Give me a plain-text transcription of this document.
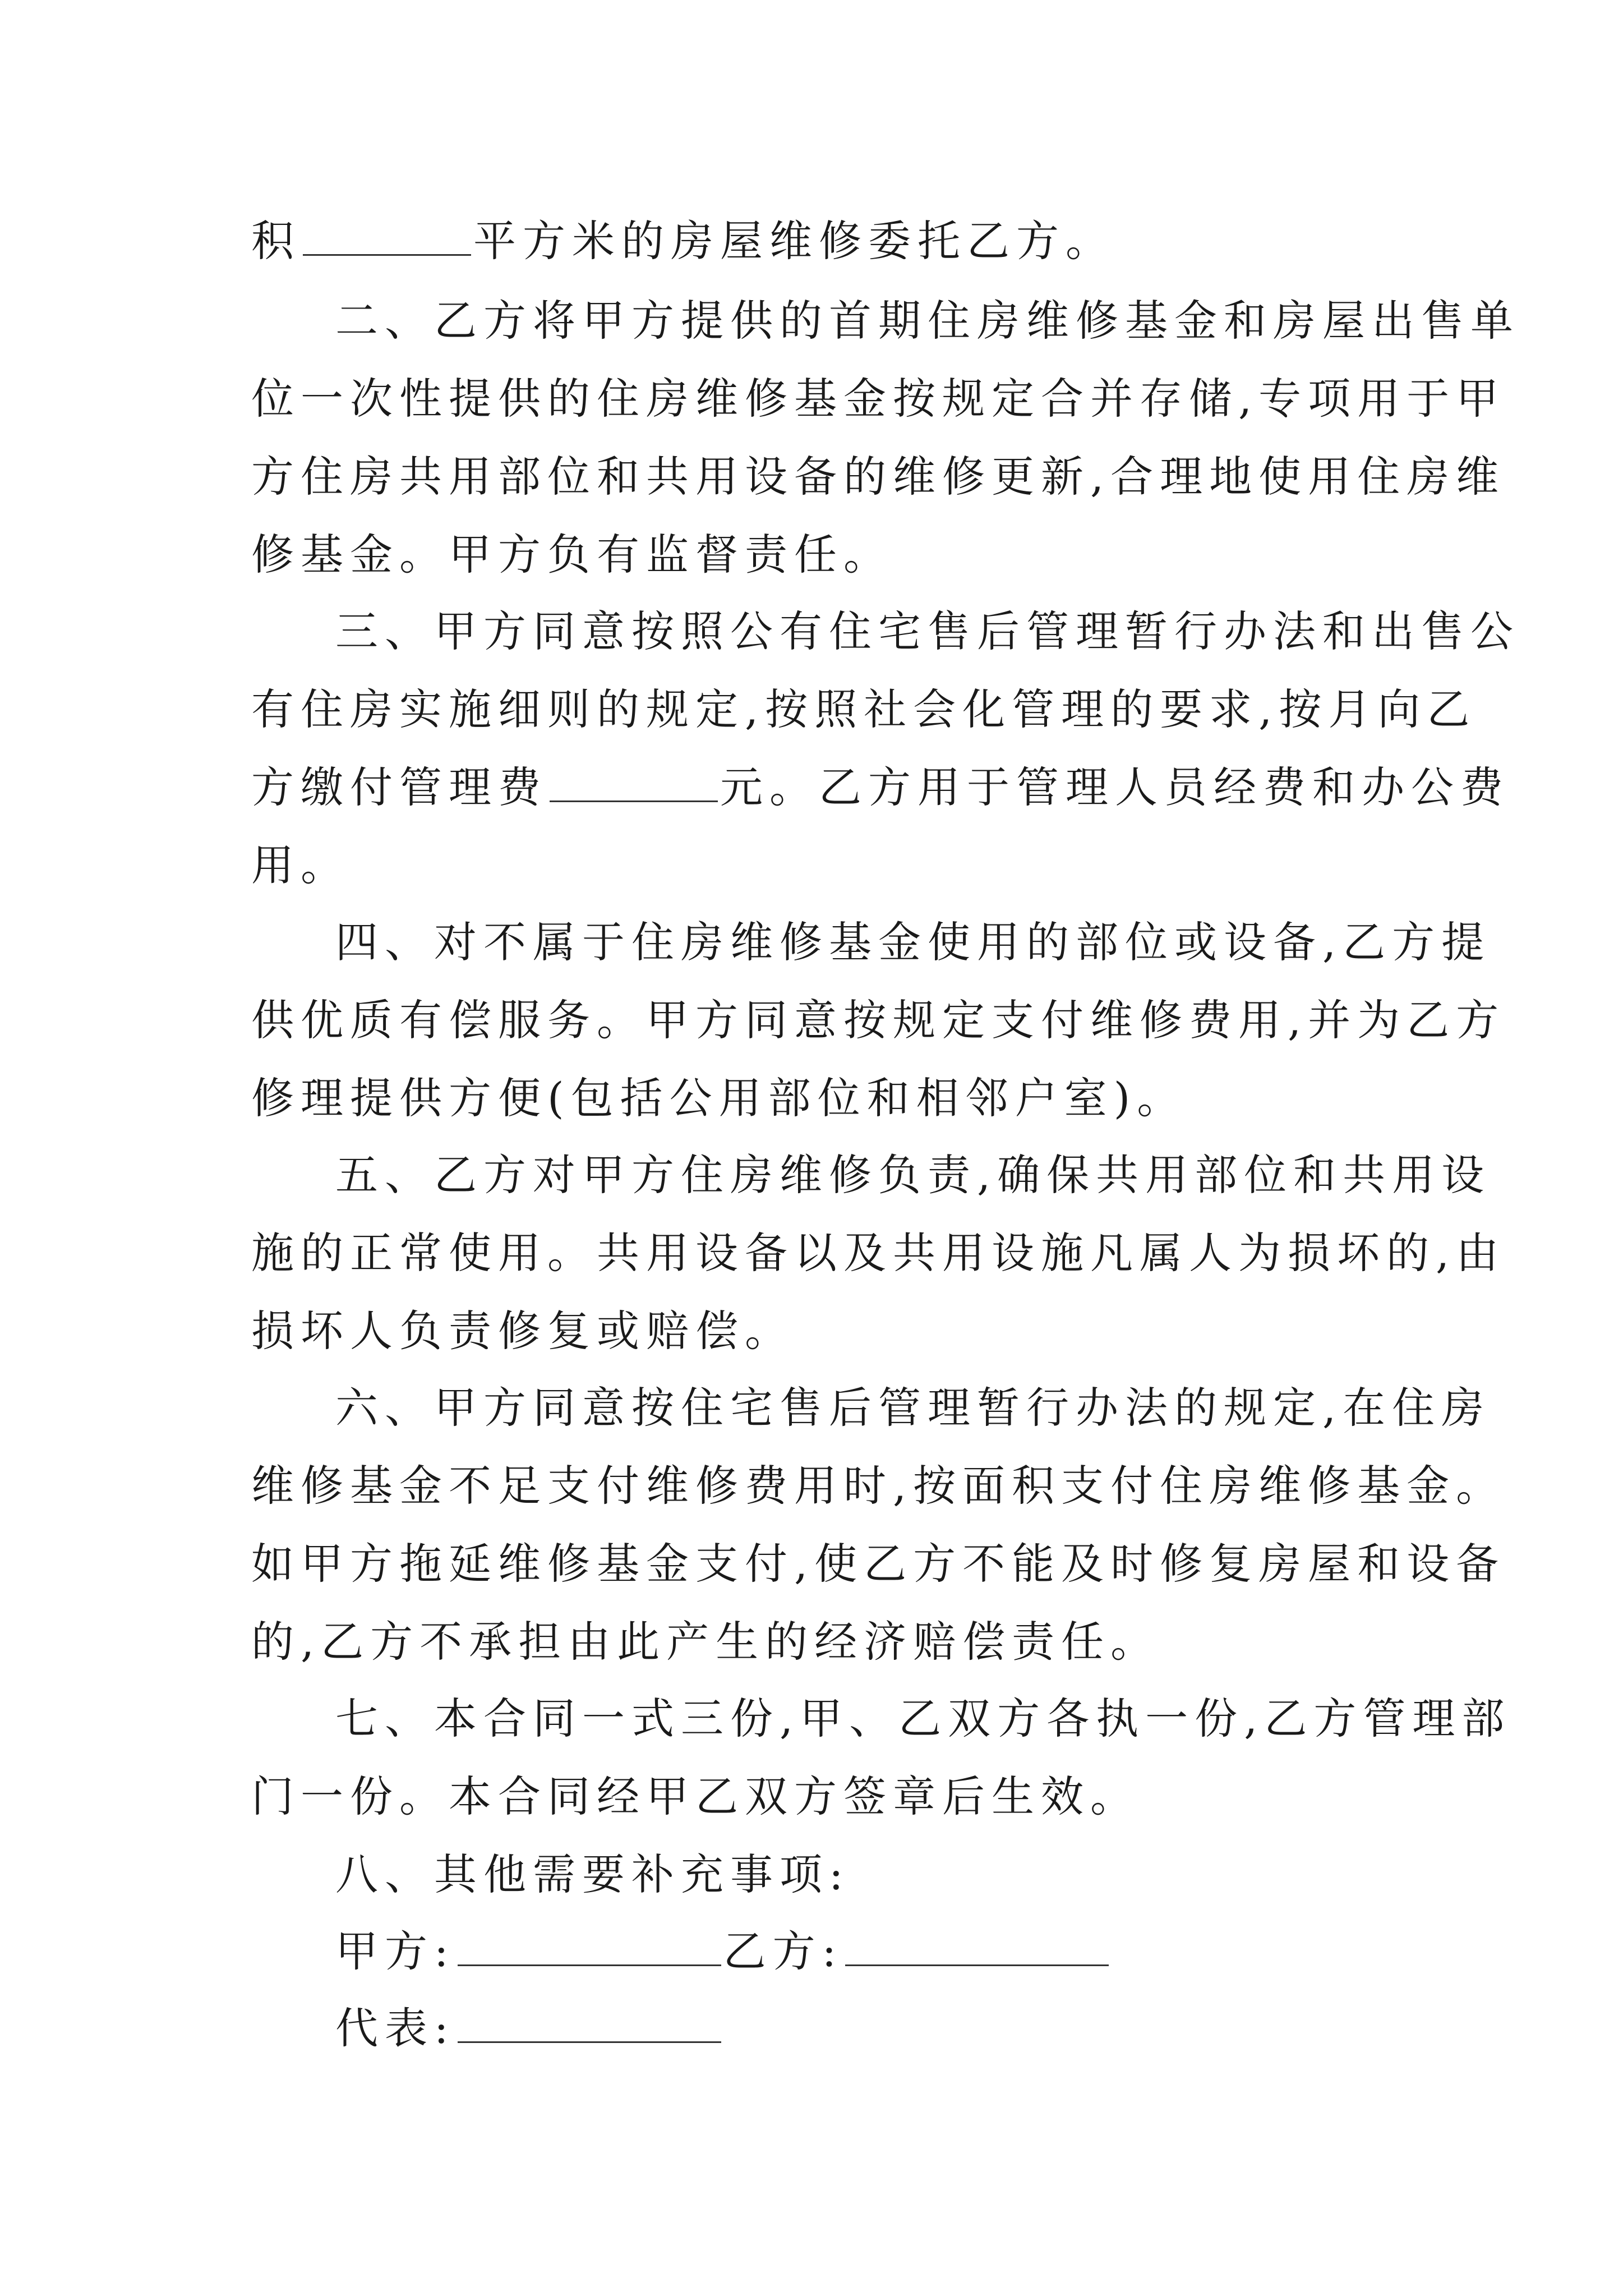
积	平方米的房屋维修委托乙方。
二、乙方将甲方提供的首期住房维修基金和房屋出售单
位一次性提供的住房维修基金按规定合并存储,专项用于甲
方住房共用部位和共用设备的维修更新,合理地使用住房维
修基金。甲方负有监督责任。
三、甲方同意按照公有住宅售后管理暂行办法和出售公
有住房实施细则的规定,按照社会化管理的要求,按月向乙
方缴付管理费	元。乙方用于管理人员经费和办公费
用。
四、对不属于住房维修基金使用的部位或设备,乙方提
供优质有偿服务。甲方同意按规定支付维修费用,并为乙方
修理提供方便(包括公用部位和相邻户室)。
五、乙方对甲方住房维修负责,确保共用部位和共用设
施的正常使用。共用设备以及共用设施凡属人为损坏的,由
损坏人负责修复或赔偿。
六、甲方同意按住宅售后管理暂行办法的规定,在住房
维修基金不足支付维修费用时,按面积支付住房维修基金。
如甲方拖延维修基金支付,使乙方不能及时修复房屋和设备
的,乙方不承担由此产生的经济赔偿责任。
七、本合同一式三份,甲、乙双方各执一份,乙方管理部
门一份。本合同经甲乙双方签章后生效。
八、其他需要补充事项:
甲方:	乙方:
代表:
